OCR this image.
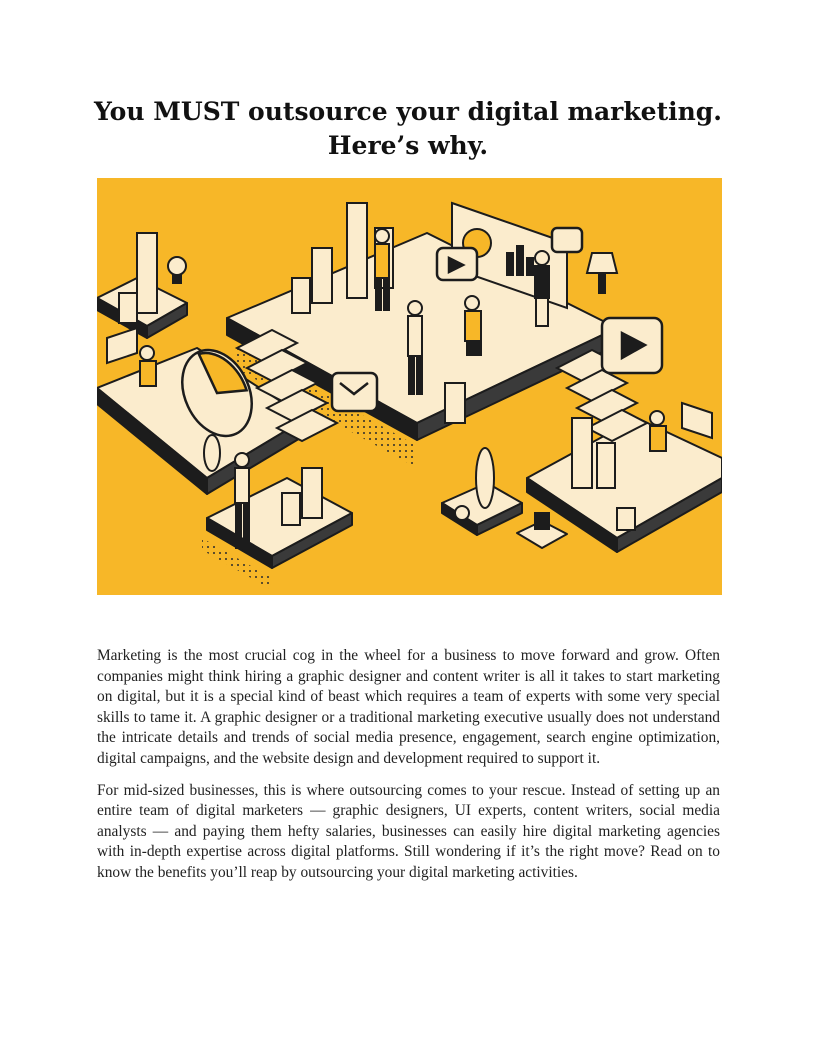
You MUST outsource your digital marketing.
Here’s why.

Marketing is the most crucial cog in the wheel for a business to move forward and grow. Often companies might think hiring a graphic designer and content writer is all it takes to start marketing on digital, but it is a special kind of beast which requires a team of experts with some very special skills to tame it. A graphic designer or a traditional marketing executive usually does not understand the intricate details and trends of social media presence, engagement, search engine optimization, digital campaigns, and the website design and development required to support it.

For mid-sized businesses, this is where outsourcing comes to your rescue. Instead of setting up an entire team of digital marketers — graphic designers, UI experts, content writers, social media analysts — and paying them hefty salaries, businesses can easily hire digital marketing agencies with in-depth expertise across digital platforms. Still wondering if it’s the right move? Read on to know the benefits you’ll reap by outsourcing your digital marketing activities.
